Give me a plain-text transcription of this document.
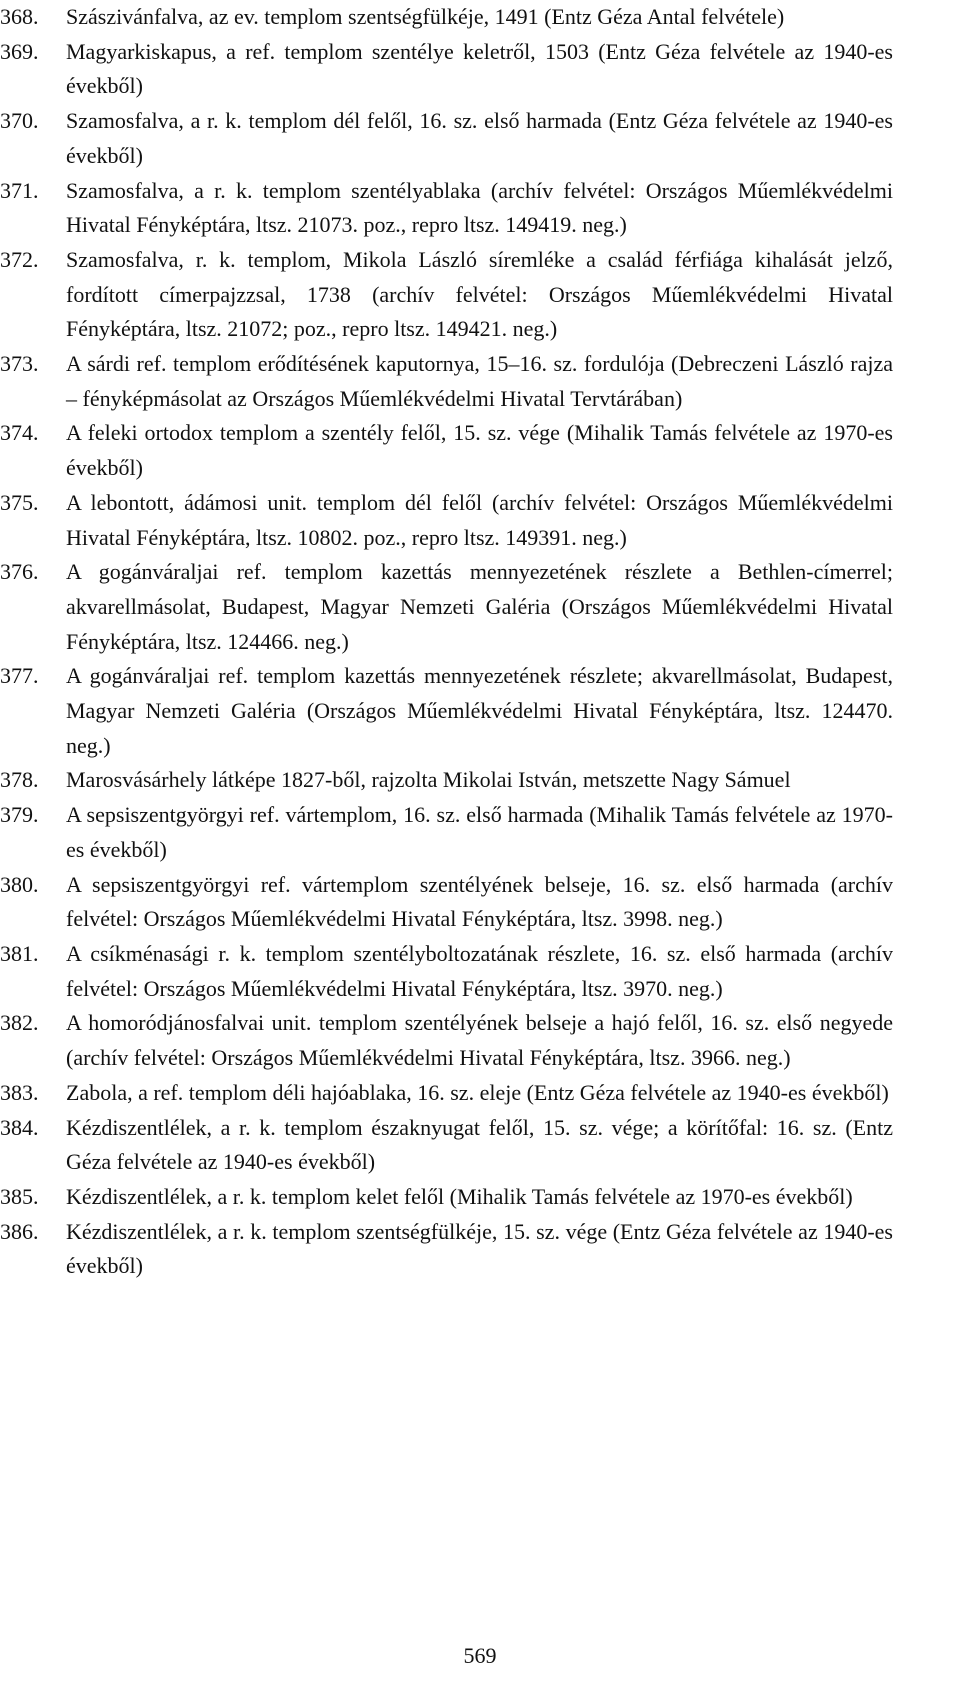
368.	Szászivánfalva, az ev. templom szentségfülkéje, 1491 (Entz Géza Antal felvétele)
369.	Magyarkiskapus, a ref. templom szentélye keletről, 1503 (Entz Géza felvétele az 1940-es évekből)
370.	Szamosfalva, a r. k. templom dél felől, 16. sz. első harmada (Entz Géza felvétele az 1940-es évekből)
371.	Szamosfalva, a r. k. templom szentélyablaka (archív felvétel: Országos Műemlékvédelmi Hivatal Fényképtára, ltsz. 21073. poz., repro ltsz. 149419. neg.)
372.	Szamosfalva, r. k. templom, Mikola László síremléke a család férfiága kihalását jelző, fordított címerpajzzsal, 1738 (archív felvétel: Országos Műemlékvédelmi Hivatal Fényképtára, ltsz. 21072; poz., repro ltsz. 149421. neg.)
373.	A sárdi ref. templom erődítésének kaputornya, 15–16. sz. fordulója (Debreczeni László rajza – fényképmásolat az Országos Műemlékvédelmi Hivatal Tervtárában)
374.	A feleki ortodox templom a szentély felől, 15. sz. vége (Mihalik Tamás felvétele az 1970-es évekből)
375.	A lebontott, ádámosi unit. templom dél felől (archív felvétel: Országos Műemlékvédelmi Hivatal Fényképtára, ltsz. 10802. poz., repro ltsz. 149391. neg.)
376.	A gogánváraljai ref. templom kazettás mennyezetének részlete a Bethlen-címerrel; akvarellmásolat, Budapest, Magyar Nemzeti Galéria (Országos Műemlékvédelmi Hivatal Fényképtára, ltsz. 124466. neg.)
377.	A gogánváraljai ref. templom kazettás mennyezetének részlete; akvarellmásolat, Budapest, Magyar Nemzeti Galéria (Országos Műemlékvédelmi Hivatal Fényképtára, ltsz. 124470. neg.)
378.	Marosvásárhely látképe 1827-ből, rajzolta Mikolai István, metszette Nagy Sámuel
379.	A sepsiszentgyörgyi ref. vártemplom, 16. sz. első harmada (Mihalik Tamás felvétele az 1970-es évekből)
380.	A sepsiszentgyörgyi ref. vártemplom szentélyének belseje, 16. sz. első harmada (archív felvétel: Országos Műemlékvédelmi Hivatal Fényképtára, ltsz. 3998. neg.)
381.	A csíkménasági r. k. templom szentélyboltozatának részlete, 16. sz. első harmada (archív felvétel: Országos Műemlékvédelmi Hivatal Fényképtára, ltsz. 3970. neg.)
382.	A homoródjánosfalvai unit. templom szentélyének belseje a hajó felől, 16. sz. első negyede (archív felvétel: Országos Műemlékvédelmi Hivatal Fényképtára, ltsz. 3966. neg.)
383.	Zabola, a ref. templom déli hajóablaka, 16. sz. eleje (Entz Géza felvétele az 1940-es évekből)
384.	Kézdiszentlélek, a r. k. templom északnyugat felől, 15. sz. vége; a körítőfal: 16. sz. (Entz Géza felvétele az 1940-es évekből)
385.	Kézdiszentlélek, a r. k. templom kelet felől (Mihalik Tamás felvétele az 1970-es évekből)
386.	Kézdiszentlélek, a r. k. templom szentségfülkéje, 15. sz. vége (Entz Géza felvétele az 1940-es évekből)
569
